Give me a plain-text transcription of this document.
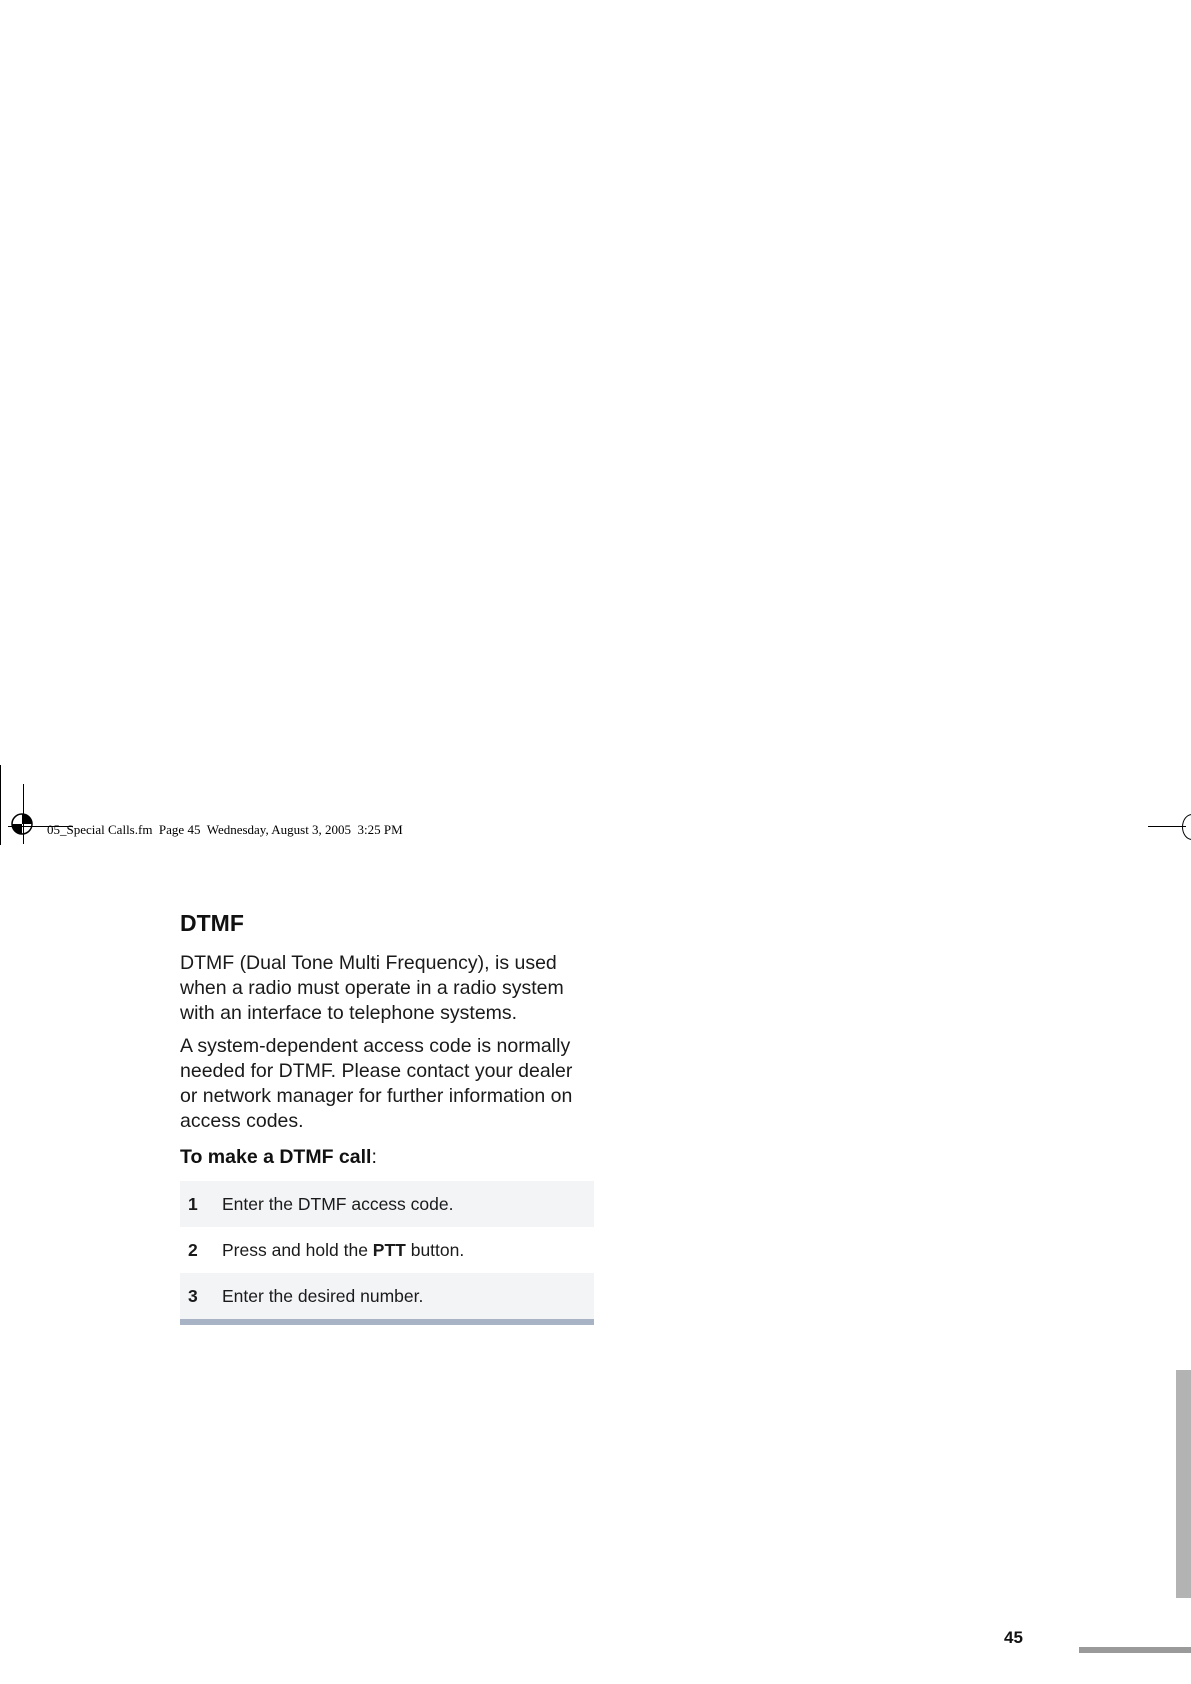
05_Special Calls.fm  Page 45  Wednesday, August 3, 2005  3:25 PM
DTMF

DTMF (Dual Tone Multi Frequency), is used when a radio must operate in a radio system with an interface to telephone systems.

A system-dependent access code is normally needed for DTMF. Please contact your dealer or network manager for further information on access codes.

To make a DTMF call:
1	Enter the DTMF access code.
2	Press and hold the PTT button.
3	Enter the desired number.
45
